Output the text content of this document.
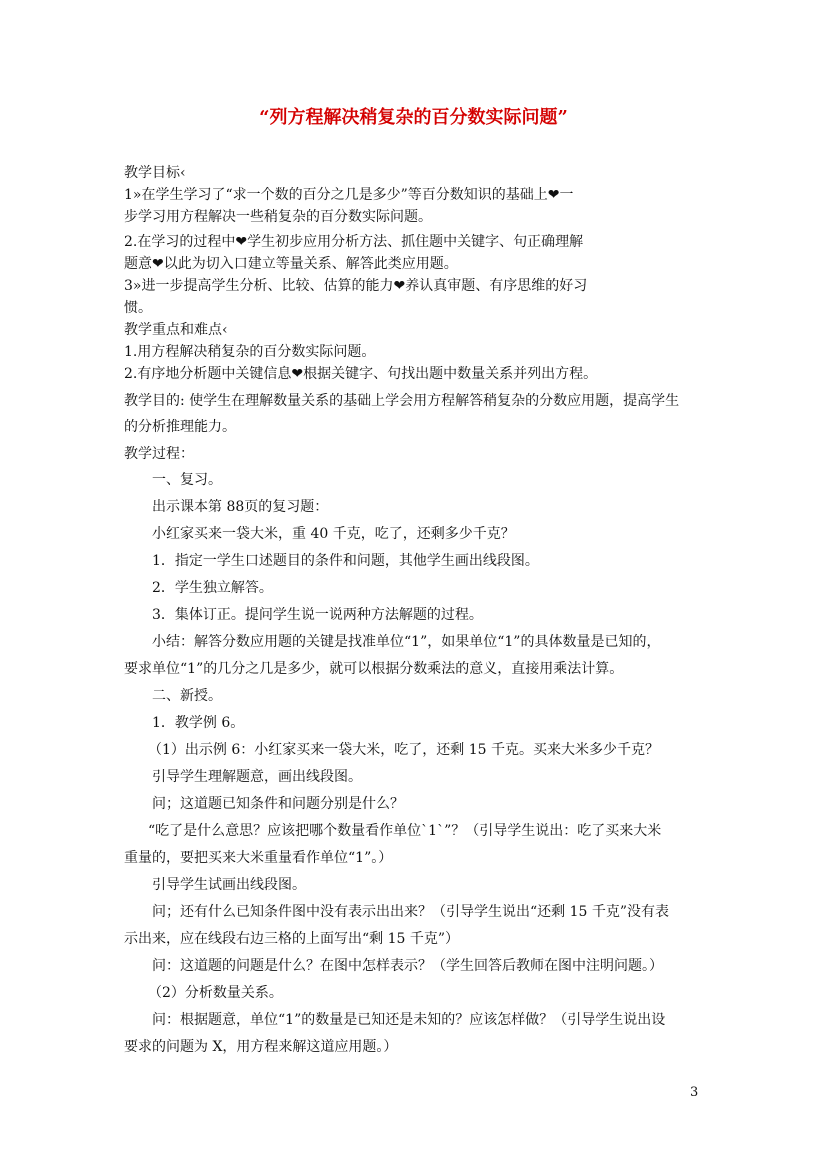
“列方程解决稍复杂的百分数实际问题”
教学目标‹
1»在学生学习了“求一个数的百分之几是多少”等百分数知识的基础上❤一
步学习用方程解决一些稍复杂的百分数实际问题。
2.在学习的过程中❤学生初步应用分析方法、抓住题中关键字、句正确理解
题意❤以此为切入口建立等量关系、解答此类应用题。
3»进一步提高学生分析、比较、估算的能力❤养认真审题、有序思维的好习
惯。
教学重点和难点‹
1.用方程解决稍复杂的百分数实际问题。
2.有序地分析题中关键信息❤根据关键字、句找出题中数量关系并列出方程。
教学目的: 使学生在理解数量关系的基础上学会用方程解答稍复杂的分数应用题，提高学生
的分析推理能力。
教学过程：
一、复习。
出示课本第 88页的复习题：
小红家买来一袋大米，重 40 千克，吃了，还剩多少千克？
1．指定一学生口述题目的条件和问题，其他学生画出线段图。
2．学生独立解答。
3．集体订正。提问学生说一说两种方法解题的过程。
小结：解答分数应用题的关键是找准单位“1”，如果单位“1”的具体数量是已知的，
要求单位“1”的几分之几是多少，就可以根据分数乘法的意义，直接用乘法计算。
二、新授。
1．教学例 6。
（1）出示例 6：小红家买来一袋大米，吃了，还剩 15 千克。买来大米多少千克？
引导学生理解题意，画出线段图。
问；这道题已知条件和问题分别是什么？
“吃了是什么意思？应该把哪个数量看作单位`1`”？（引导学生说出：吃了买来大米
重量的，要把买来大米重量看作单位“1”。）
引导学生试画出线段图。
问；还有什么已知条件图中没有表示出出来？（引导学生说出“还剩 15 千克”没有表
示出来，应在线段右边三格的上面写出“剩 15 千克”）
问：这道题的问题是什么？在图中怎样表示？（学生回答后教师在图中注明问题。）
（2）分析数量关系。
问：根据题意，单位“1”的数量是已知还是未知的？应该怎样做？（引导学生说出设
要求的问题为 X，用方程来解这道应用题。）
3
